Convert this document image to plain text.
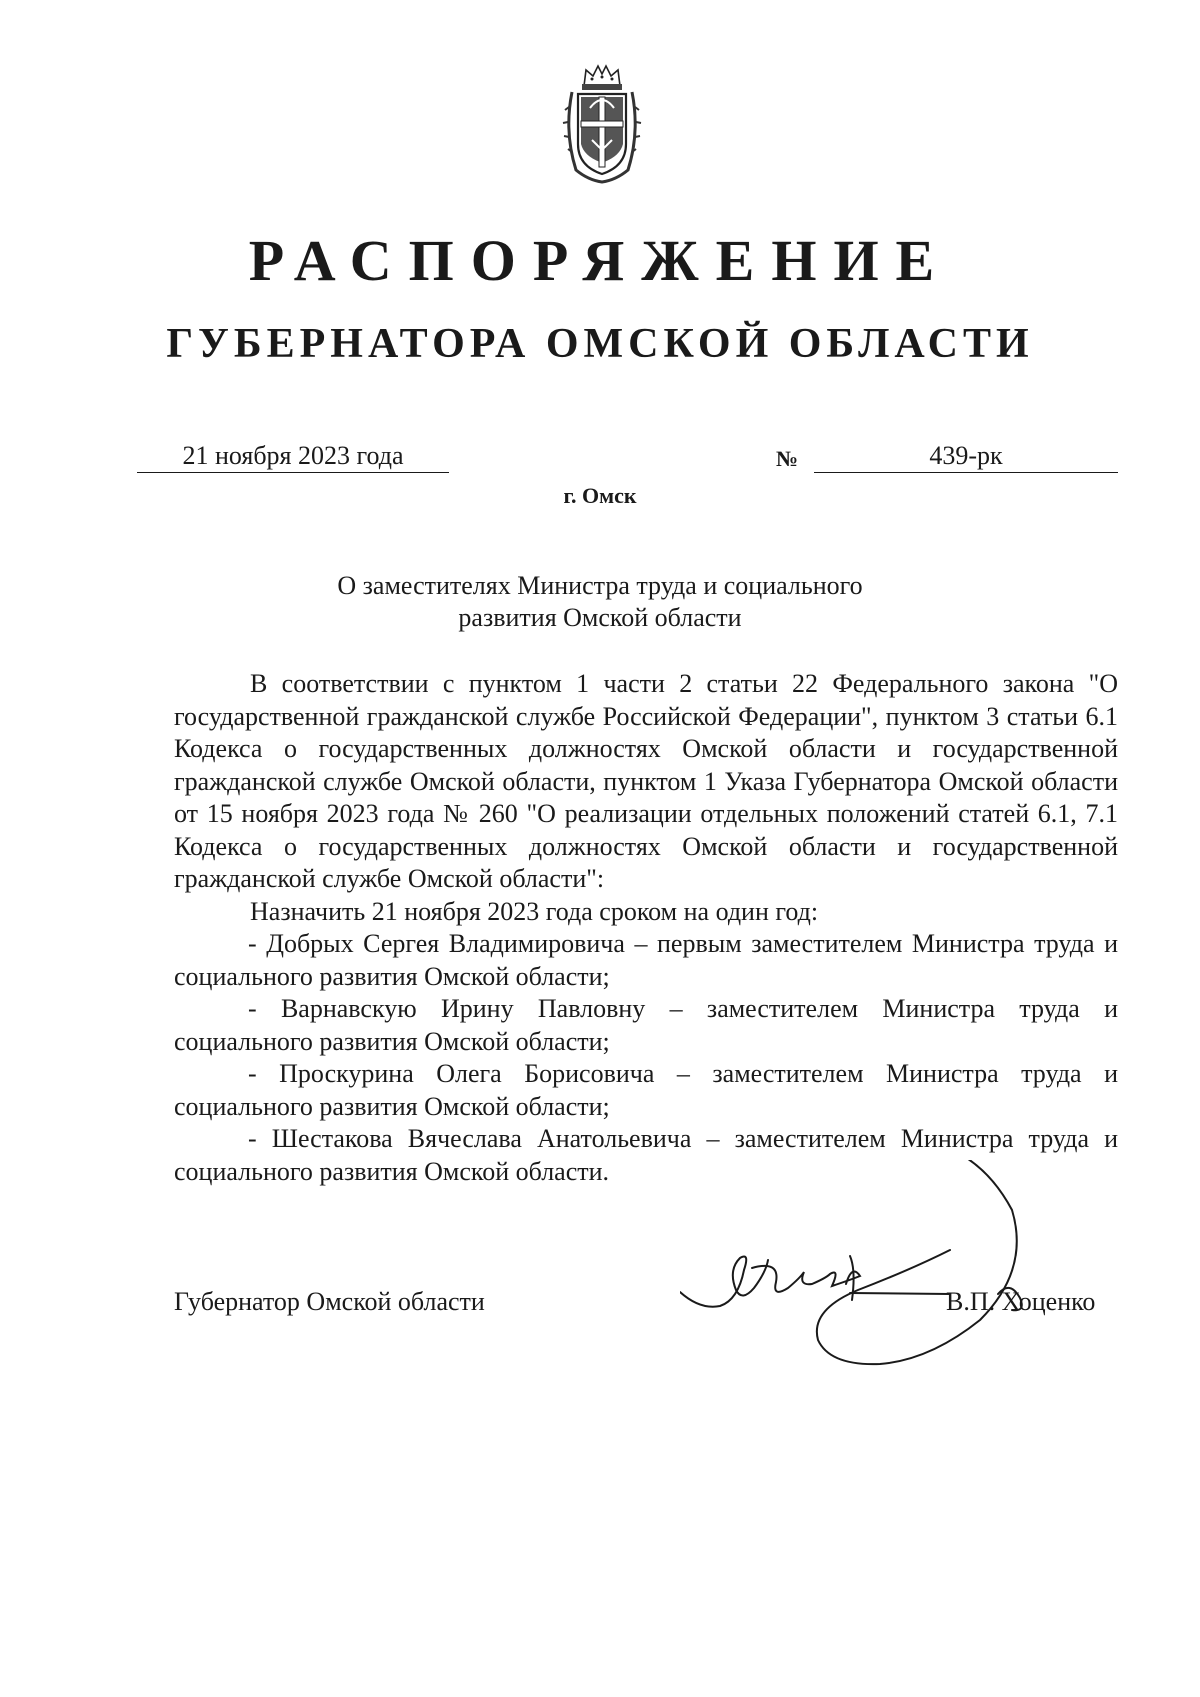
РАСПОРЯЖЕНИЕ
ГУБЕРНАТОРА ОМСКОЙ ОБЛАСТИ
21 ноября 2023 года	№	439-рк
г. Омск
О заместителях Министра труда и социального
развития Омской области

В соответствии с пунктом 1 части 2 статьи 22 Федерального закона "О государственной гражданской службе Российской Федерации", пунктом 3 статьи 6.1 Кодекса о государственных должностях Омской области и государственной гражданской службе Омской области, пунктом 1 Указа Губернатора Омской области от 15 ноября 2023 года № 260 "О реализации отдельных положений статей 6.1, 7.1 Кодекса о государственных должностях Омской области и государственной гражданской службе Омской области":

Назначить 21 ноября 2023 года сроком на один год:

- Добрых Сергея Владимировича – первым заместителем Министра труда и социального развития Омской области;

- Варнавскую Ирину Павловну – заместителем Министра труда и социального развития Омской области;

- Проскурина Олега Борисовича – заместителем Министра труда и социального развития Омской области;

- Шестакова Вячеслава Анатольевича – заместителем Министра труда и социального развития Омской области.

Губернатор Омской области	В.П. Хоценко
